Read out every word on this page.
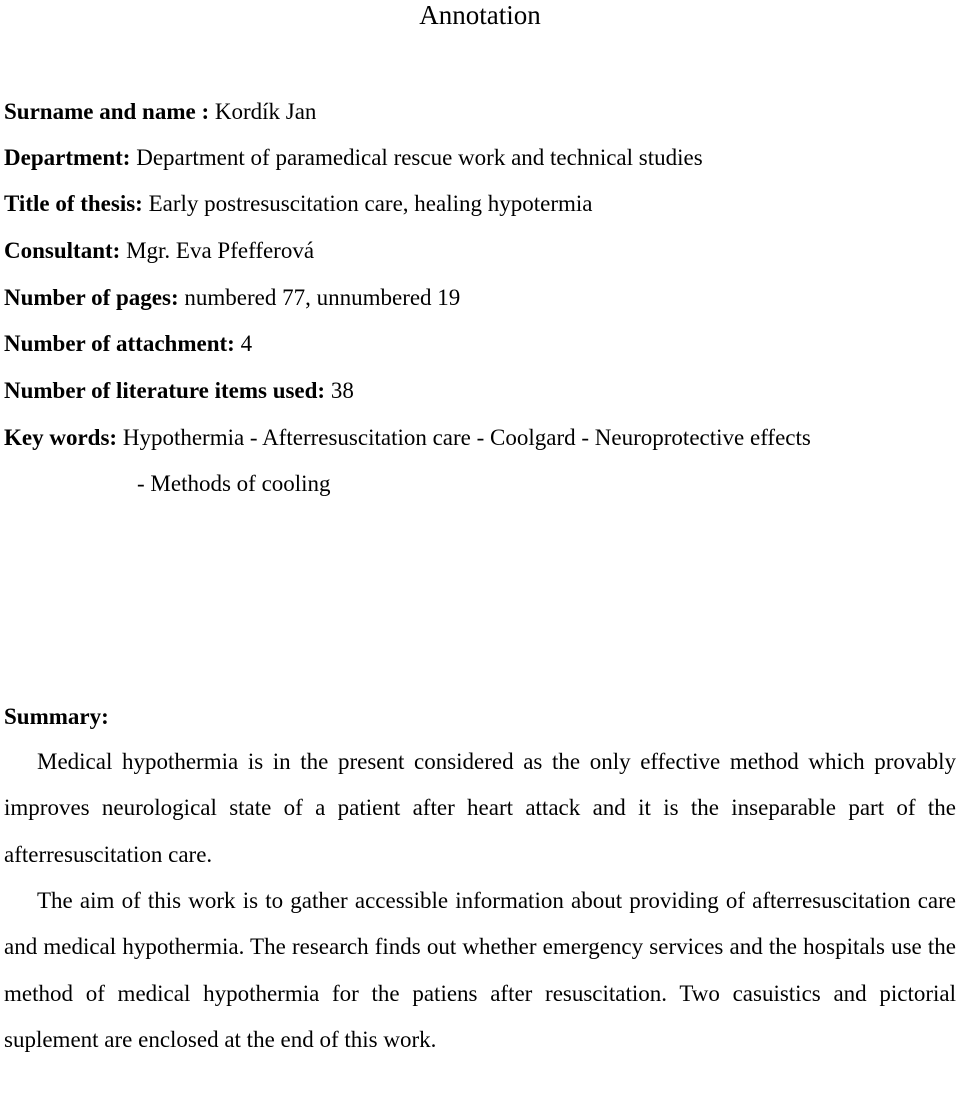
Annotation
Surname and name : Kordík Jan
Department: Department of paramedical rescue work and technical studies
Title of thesis: Early postresuscitation care, healing hypotermia
Consultant: Mgr. Eva Pfefferová
Number of pages: numbered 77, unnumbered 19
Number of attachment: 4
Number of literature items used: 38
Key words: Hypothermia - Afterresuscitation care - Coolgard - Neuroprotective effects
- Methods of cooling
Summary:

Medical hypothermia is in the present considered as the only effective method which provably improves neurological state of a patient after heart attack and it is the inseparable part of the afterresuscitation care.

The aim of this work is to gather accessible information about providing of afterresuscitation care and medical hypothermia. The research finds out whether emergency services and the hospitals use the method of medical hypothermia for the patiens after resuscitation. Two casuistics and pictorial suplement are enclosed at the end of this work.
